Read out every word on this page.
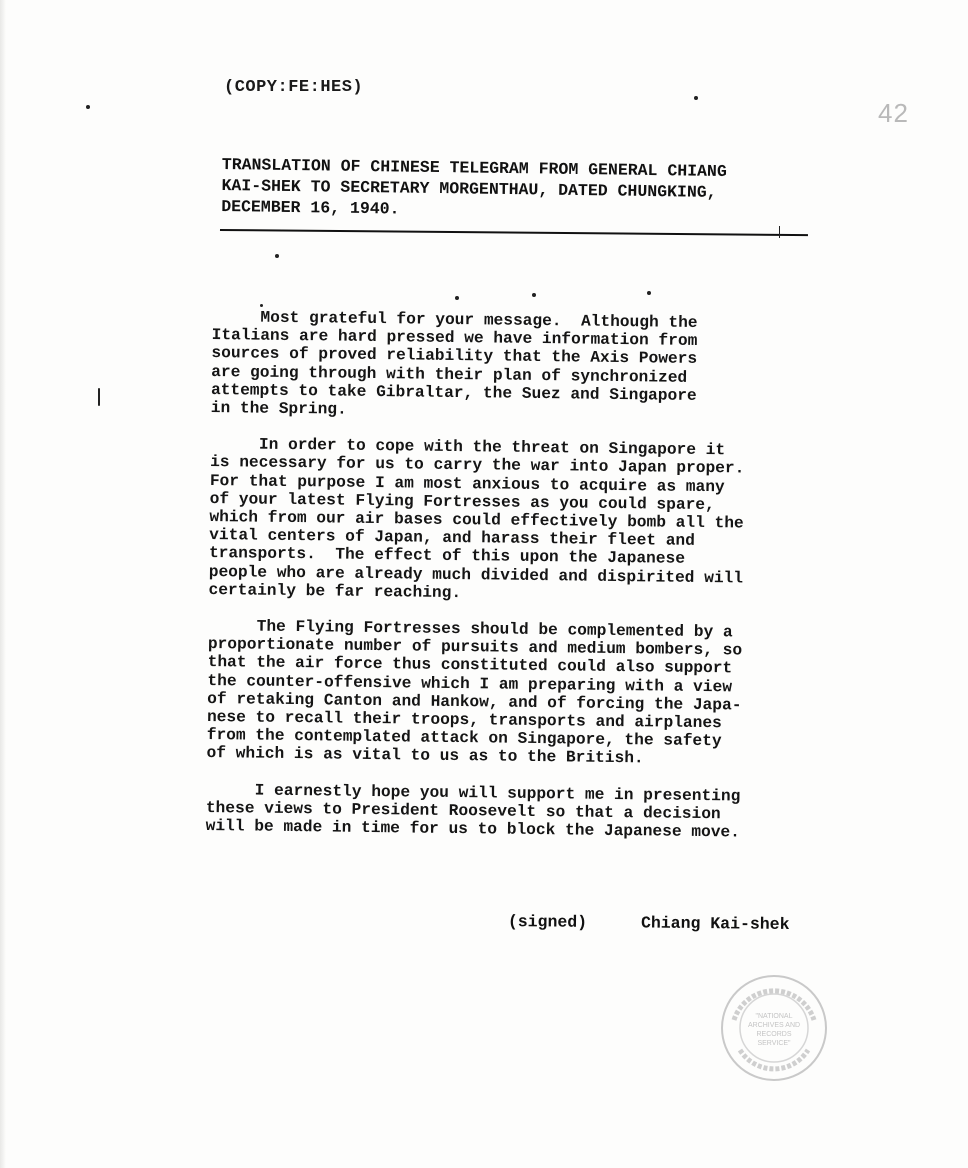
(COPY:FE:HES)
42
TRANSLATION OF CHINESE TELEGRAM FROM GENERAL CHIANG
KAI-SHEK TO SECRETARY MORGENTHAU, DATED CHUNGKING,
DECEMBER 16, 1940.

Most grateful for your message.  Although the
Italians are hard pressed we have information from
sources of proved reliability that the Axis Powers
are going through with their plan of synchronized
attempts to take Gibraltar, the Suez and Singapore
in the Spring.

In order to cope with the threat on Singapore it
is necessary for us to carry the war into Japan proper.
For that purpose I am most anxious to acquire as many
of your latest Flying Fortresses as you could spare,
which from our air bases could effectively bomb all the
vital centers of Japan, and harass their fleet and
transports.  The effect of this upon the Japanese
people who are already much divided and dispirited will
certainly be far reaching.

The Flying Fortresses should be complemented by a
proportionate number of pursuits and medium bombers, so
that the air force thus constituted could also support
the counter-offensive which I am preparing with a view
of retaking Canton and Hankow, and of forcing the Japa-
nese to recall their troops, transports and airplanes
from the contemplated attack on Singapore, the safety
of which is as vital to us as to the British.

I earnestly hope you will support me in presenting
these views to President Roosevelt so that a decision
will be made in time for us to block the Japanese move.

(signed)	Chiang Kai-shek
"NATIONAL
ARCHIVES AND
RECORDS
SERVICE"
